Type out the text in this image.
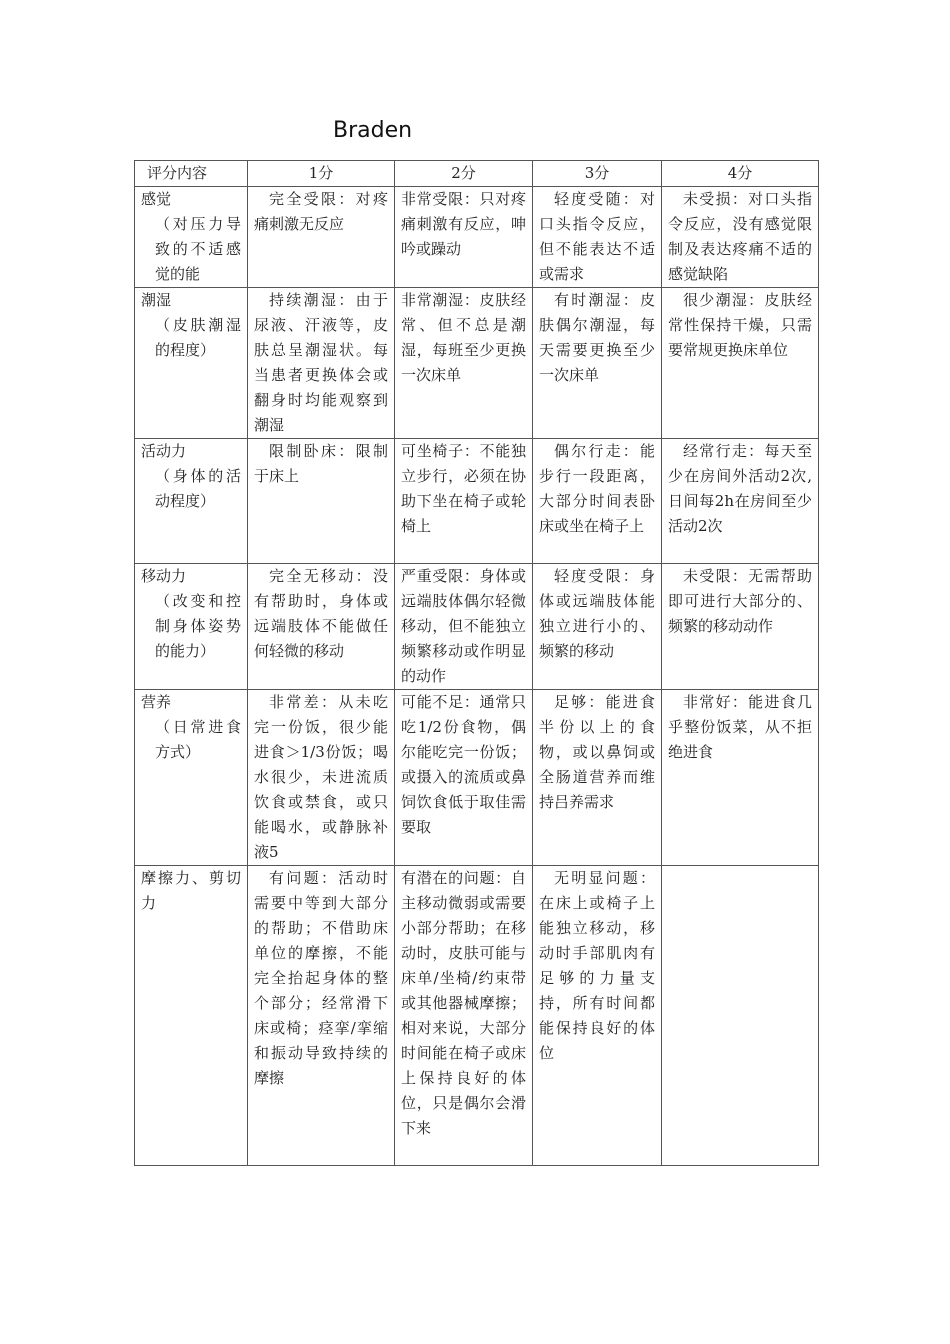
Braden
评分内容	1分	2分	3分	4分

感觉
（对压力导致的不适感觉的能	完全受限：对疼痛刺激无反应	非常受限：只对疼痛刺激有反应，呻吟或躁动	轻度受随：对口头指令反应，但不能表达不适或需求	未受损：对口头指令反应，没有感觉限制及表达疼痛不适的感觉缺陷

潮湿
（皮肤潮湿的程度）	持续潮湿：由于尿液、汗液等，皮肤总呈潮湿状。每当患者更换体会或翻身时均能观察到潮湿	非常潮湿：皮肤经常、但不总是潮湿，每班至少更换一次床单	有时潮湿：皮肤偶尔潮湿，每天需要更换至少一次床单	很少潮湿：皮肤经常性保持干燥，只需要常规更换床单位

活动力
（身体的活动程度）	限制卧床：限制于床上	可坐椅子：不能独立步行，必须在协助下坐在椅子或轮椅上	偶尔行走：能步行一段距离，大部分时间表卧床或坐在椅子上	经常行走：每天至少在房间外活动2次, 日间每2h在房间至少活动2次

移动力
（改变和控制身体姿势的能力）	完全无移动：没有帮助时，身体或远端肢体不能做任何轻微的移动	严重受限：身体或远端肢体偶尔轻微移动，但不能独立频繁移动或作明显的动作	轻度受限：身体或远端肢体能独立进行小的、频繁的移动	未受限：无需帮助即可进行大部分的、频繁的移动动作

营养
（日常进食方式）	非常差：从未吃完一份饭，很少能进食＞1/3份饭；喝水很少，未进流质饮食或禁食，或只能喝水，或静脉补液5	可能不足：通常只吃1/2份食物，偶尔能吃完一份饭；或摄入的流质或鼻饲饮食低于取佳需要取	足够：能进食半份以上的食物，或以鼻饲或全肠道营养而维持吕养需求	非常好：能进食几乎整份饭菜，从不拒绝进食

摩擦力、剪切力	有问题：活动时需要中等到大部分的帮助；不借助床单位的摩擦，不能完全抬起身体的整个部分；经常滑下床或椅；痉挛/挛缩和振动导致持续的摩擦	有潜在的问题：自主移动微弱或需要小部分帮助；在移动时，皮肤可能与床单/坐椅/约束带或其他器械摩擦；相对来说，大部分时间能在椅子或床上保持良好的体位，只是偶尔会滑下来	无明显问题：在床上或椅子上能独立移动，移动时手部肌肉有足够的力量支持，所有时间都能保持良好的体位	
